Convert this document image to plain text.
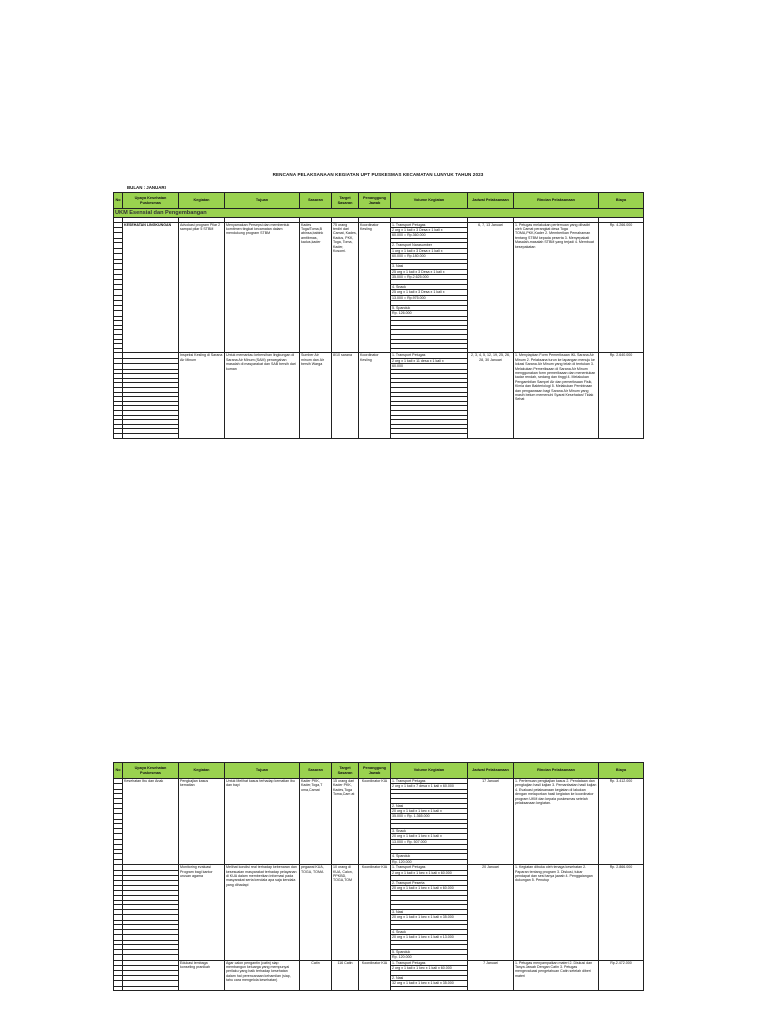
RENCANA PELAKSANAAN KEGIATAN UPT PUSKESMAS KECAMATAN LUNYUK TAHUN 2023
BULAN : JANUARI
No	Upaya Kesehatan Puskesmas	Kegiatan	Tujuan	Sasaran	Target Sasaran	Penanggung Jawab	Volume Kegiatan	Jadwal Pelaksanaan	Rincian Pelaksanaan	Biaya
UKM Esensial dan Pengembangan										

	KESEHATAN LINGKUNGAN	Advokasi program Pilar 2 sampai pilar 5 STBM	Menyamakan Persepsi dan membentuk komitmen tingkat kecamatan dalam mendukung program STBM	Kades Toga/Toma,B abinsa,babink amtibmas, kadus,kader	75 orang terdiri dari Camat, Kades, Kadus, PKK, Toga, Toma, Kader, Kosomi.	Koordinator Kesling	1. Transport Petugas	6, 7, 13 Januari	1. Petugas melakukan pertemuan yang dihadiri oleh Camat perangkat desa Toga TOMA,PKK,Kader 2. Memberikan Pemahaman tentang STBM kepada peserta 3. Menyepakati Masalah-masalah STBM yang terjadi 4. Membuat kesepakatan	Rp. 4.266.000
							2 org x 1 kali x 3 Desa x 1 kali x			
							60.000 = Rp.360.000			

							2. Transport Narasumber			
							1 org x 1 kali x 3 Desa x 1 kali x			
							60.000 = Rp.180.000			

							3. Nasi			
							25 org x 1 kali x 3 Desa x 1 kali x			
							35.000 = Rp.2.625.000			

							4. Snack			
							25 org x 1 kali x 3 Desa x 1 kali x			
							13.000 = Rp.975.000			

							5. Spanduk			
							Rp. 126.000			

		Inspeksi Kesling di Sarana Air Minum	Untuk memantau kebersihan lingkungan di Sarana Air Minum (SAM) pencegahan masalah di masyarakat dan SAB bersih dari kuman	Sumber Air minum dan Air bersih Warga	8/10 sarana	Koordinator Kesling	1. Transport Petugas	2, 3, 4, 5, 12, 19, 25, 26, 28, 30 Januari	1. Menyiapkan Form Pemeriksaan IKL Sarana Air Minum 2. Pelaksana turun ke lapangan menuju ke lokasi Sarana Air Minum yang telah di tentukan 3. Melakukan Pemeriksaan di Sarana Air Minum menggunakan form pemeriksaan dan menentukan kadar rendah, sedang dan tinggi 4. Melakukan Pengambilan Sampel Air dan pemeriksaan Fisik, Kimia dan Bakteriologi 5. Melakukan Pembinaan dan pengawasan bagi Sarana Air Minum yang masih belum memenuhi Syarat Kesehatan/ Tidak Sehat	Rp. 2.640.000
							2 org x 1 kali x 11 desa x 1 kali x			
							60.000			

No	Upaya Kesehatan Puskesmas	Kegiatan	Tujuan	Sasaran	Target Sasaran	Penanggung Jawab	Volume Kegiatan	Jadwal Pelaksanaan	Rincian Pelaksanaan	Biaya
	Kesehatan Ibu dan Anak	Pengkajian kasus kematian	Untuk Melihat kasus terhadap kematian ibu dan bayi	Kader PKK, Kader,Toga,T oma,Camat	15 orang dari Kader PKK, Kades,Toga Toma,Cam at	Koordinator KIA	1. Transport Petugas	17 Januari	1. Pertemuan pengkajian kasus 2. Pendataan dan pengkajian hasil kajian 3. Pemanfaatan hasil kajian 4. Evaluasi pelaksanaan kegiatan di lakukan dengan melaporkan hasil kegiatan ke koordinator program UKM dan kepala puskesmas setelah pelaksanaan kegiatan.	Rp. 3.412.000
							2 org x 1 kali x 7 desa x 1 kali x 60.000			

							2. Nasi			
							20 org x 1 kali x 1 kec x 1 kali x			
							35.000 = Rp. 1.365.000			

							3. Snack			
							20 org x 1 kali x 1 kec x 1 kali x			
							13.000 = Rp. 507.000			

							4. Spanduk			
							Rp. 120.000			
		Monitoring evaluasi Program bagi kantor urusan agama	Melihat kondisi real terhadap kebenaran dan kesesuaian masyarakat terhadap pelayanan di KUA dalam memberikan informasi pada masyarakat serta kendala apa saja kendala yang dihadapi	pegawai KUA, TOGA, TOMA	10 orang di KUA, Calon, PPKBD, TOGA,TOM	Koordinator KIA	1. Transport Petugas	20 Januari	1. Kegiatan dibuka oleh tenaga kesehatan 2. Paparan tentang program 3. Diskusi, tukar pendapat dan sesi tanya jawab 4. Penggalangan dukungan 5. Penutup	Rp. 2.866.000
							2 org x 1 kali x 1 kec x 1 kali x 60.000			

							2. Transport Peserta			
							20 org x 1 kali x 1 kec x 1 kali x 60.000			

							3. Nasi			
							20 org x 1 kali x 1 kec x 1 kali x 35.000			

							4. Snack			
							20 org x 1 kali x 1 kec x 1 kali x 13.000			

							5. Spanduk			
							Rp. 120.000			
		Edukasi lembaga konseling pranikah	Agar calon pengantin (catin) siap membangun keluarga yang mempunyai perilaku yang baik terhadap kesehatan dalam hal perencanaan kehamilan (siap, tahu cara mengelola kesehatan)	Catin	116 Catin	Koordinator KIA	1. Transport Petugas	7 Januari	1. Petugas menyampaikan materi 2. Diskusi dan Tanya Jawab Dengan Catin 3. Petugas mengevaluasi pengetahuan Catin setelah diberi materi	Rp.2.472.000
							2 org x 1 kali x 1 kec x 1 kali x 60.000			

							2. Nasi			
							32 org x 1 kali x 1 kec x 1 kali x 35.000			
